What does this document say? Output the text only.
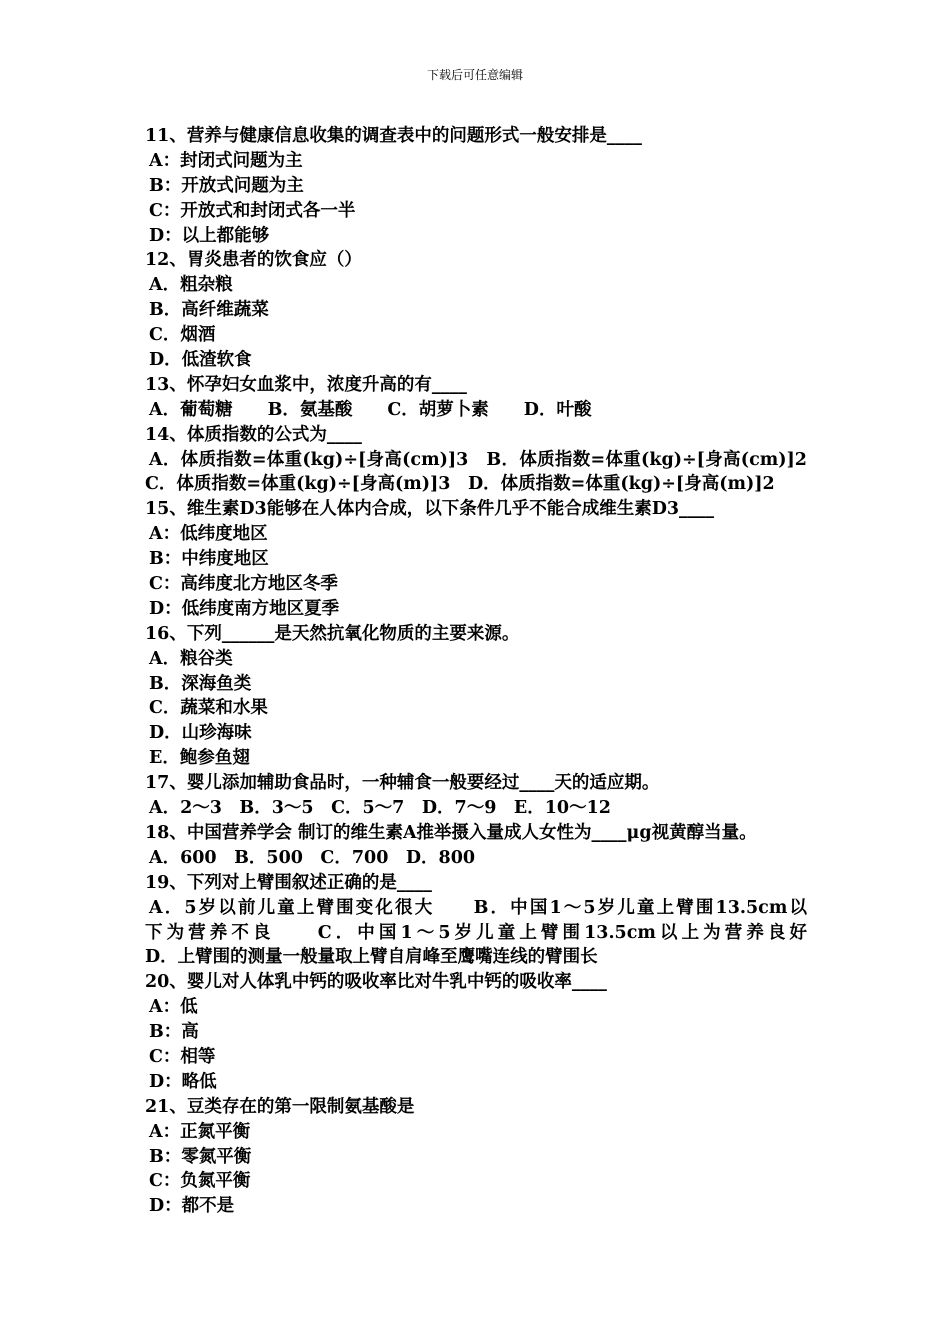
下载后可任意编辑
11、营养与健康信息收集的调查表中的问题形式一般安排是____
A：封闭式问题为主
B：开放式问题为主
C：开放式和封闭式各一半
D：以上都能够
12、胃炎患者的饮食应（）
A．粗杂粮
B．高纤维蔬菜
C．烟酒
D．低渣软食
13、怀孕妇女血浆中，浓度升高的有____
A．葡萄糖　　B．氨基酸　　C．胡萝卜素　　D．叶酸
14、体质指数的公式为____
A．体质指数=体重(kg)÷[身高(cm)]3　B．体质指数=体重(kg)÷[身高(cm)]2
C．体质指数=体重(kg)÷[身高(m)]3　D．体质指数=体重(kg)÷[身高(m)]2
15、维生素D3能够在人体内合成，以下条件几乎不能合成维生素D3____
A：低纬度地区
B：中纬度地区
C：高纬度北方地区冬季
D：低纬度南方地区夏季
16、下列______是天然抗氧化物质的主要来源。
A．粮谷类
B．深海鱼类
C．蔬菜和水果
D．山珍海味
E．鲍参鱼翅
17、婴儿添加辅助食品时，一种辅食一般要经过____天的适应期。
A．2～3　B．3～5　C．5～7　D．7～9　E．10～12
18、中国营养学会 制订的维生素A推举摄入量成人女性为____μg视黄醇当量。
A．600　B．500　C．700　D．800
19、下列对上臂围叙述正确的是____
A．5岁以前儿童上臂围变化很大　　B．中国1～5岁儿童上臂围13.5cm以
下为营养不良　　C．中国1～5岁儿童上臂围13.5cm以上为营养良好
D．上臂围的测量一般量取上臂自肩峰至鹰嘴连线的臂围长
20、婴儿对人体乳中钙的吸收率比对牛乳中钙的吸收率____
A：低
B：高
C：相等
D：略低
21、豆类存在的第一限制氨基酸是
A：正氮平衡
B：零氮平衡
C：负氮平衡
D：都不是
